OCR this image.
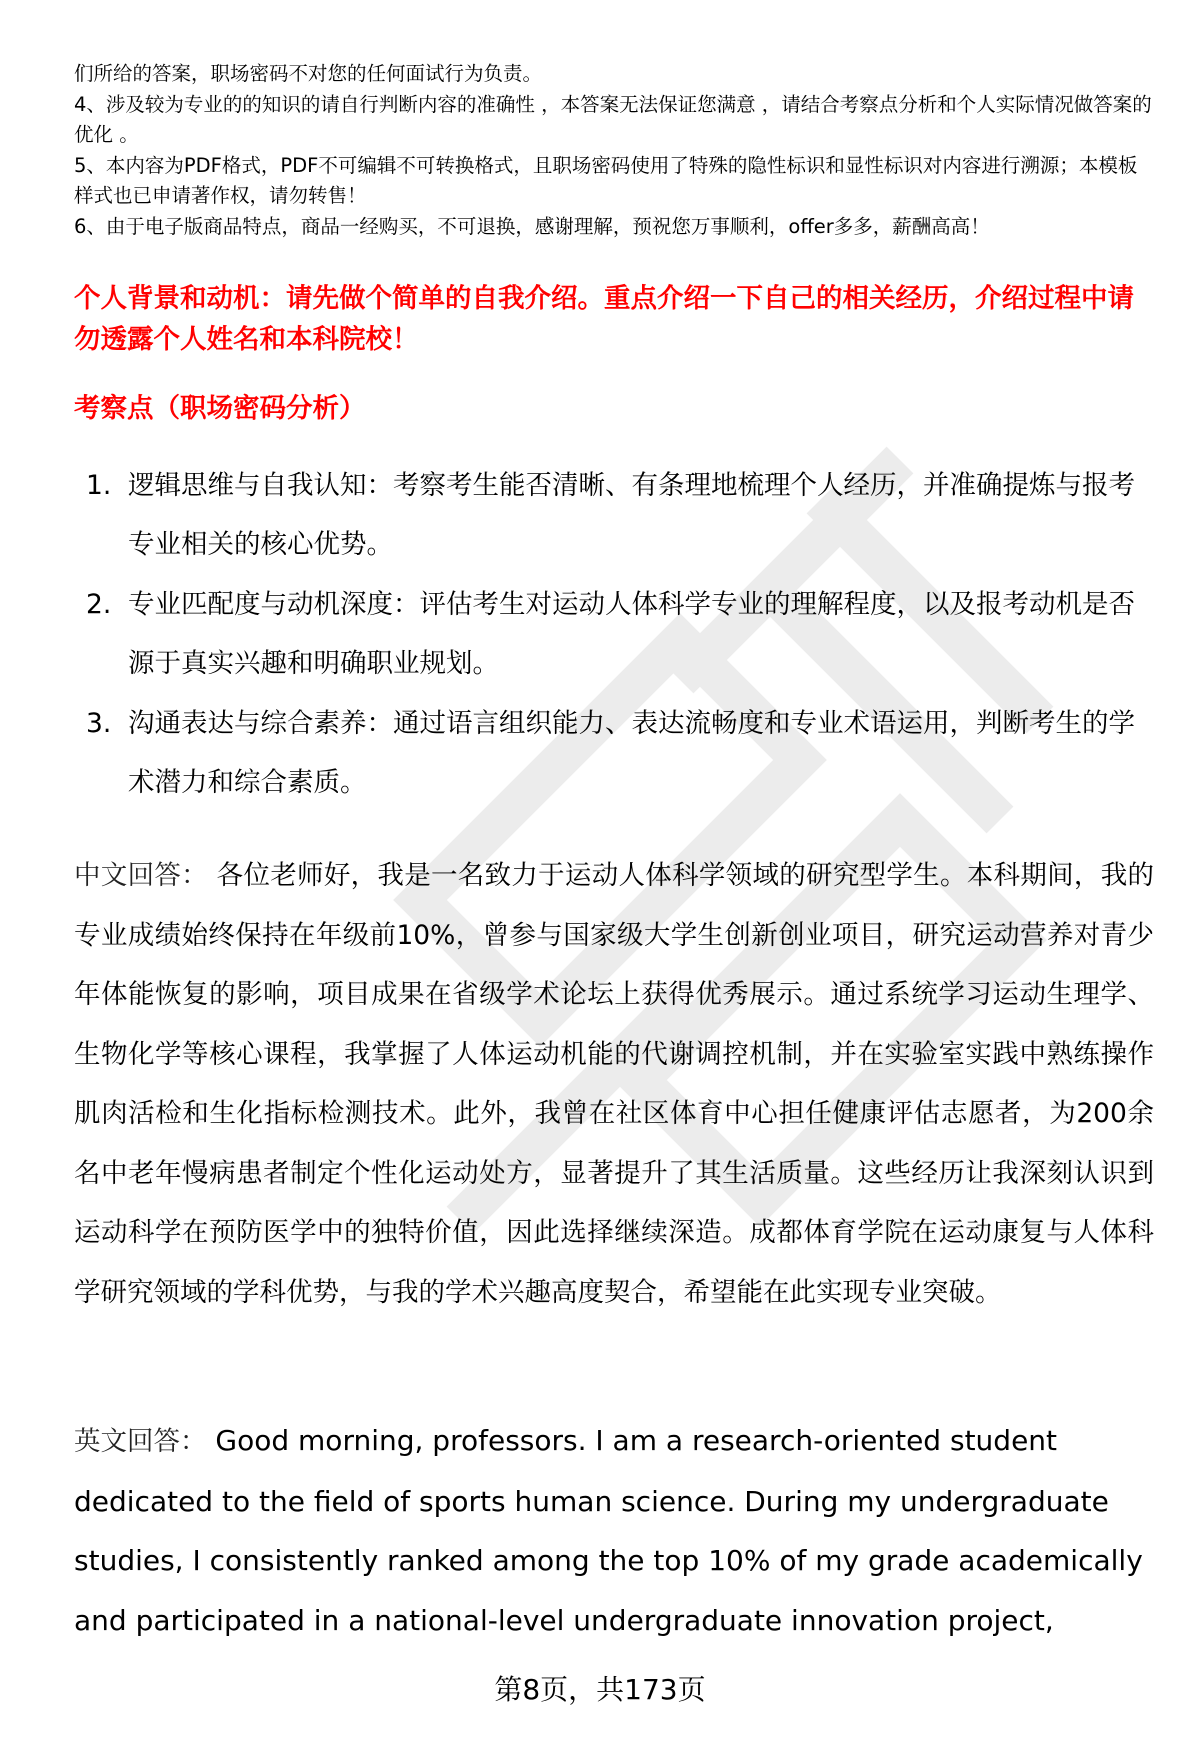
们所给的答案，职场密码不对您的任何面试行为负责。

4、涉及较为专业的的知识的请自行判断内容的准确性 ，本答案无法保证您满意 ，请结合考察点分析和个人实际情况做答案的优化 。

5、本内容为PDF格式，PDF不可编辑不可转换格式，且职场密码使用了特殊的隐性标识和显性标识对内容进行溯源；本模板样式也已申请著作权，请勿转售！

6、由于电子版商品特点，商品一经购买，不可退换，感谢理解，预祝您万事顺利，offer多多，薪酬高高！

个人背景和动机：请先做个简单的自我介绍。重点介绍一下自己的相关经历，介绍过程中请勿透露个人姓名和本科院校！
考察点（职场密码分析）
1. 逻辑思维与自我认知：考察考生能否清晰、有条理地梳理个人经历，并准确提炼与报考专业相关的核心优势。
2. 专业匹配度与动机深度：评估考生对运动人体科学专业的理解程度，以及报考动机是否源于真实兴趣和明确职业规划。
3. 沟通表达与综合素养：通过语言组织能力、表达流畅度和专业术语运用，判断考生的学术潜力和综合素质。

中文回答： 各位老师好，我是一名致力于运动人体科学领域的研究型学生。本科期间，我的专业成绩始终保持在年级前10%，曾参与国家级大学生创新创业项目，研究运动营养对青少年体能恢复的影响，项目成果在省级学术论坛上获得优秀展示。通过系统学习运动生理学、生物化学等核心课程，我掌握了人体运动机能的代谢调控机制，并在实验室实践中熟练操作肌肉活检和生化指标检测技术。此外，我曾在社区体育中心担任健康评估志愿者，为200余名中老年慢病患者制定个性化运动处方，显著提升了其生活质量。这些经历让我深刻认识到运动科学在预防医学中的独特价值，因此选择继续深造。成都体育学院在运动康复与人体科学研究领域的学科优势，与我的学术兴趣高度契合，希望能在此实现专业突破。

英文回答： Good morning, professors. I am a research-oriented student dedicated to the field of sports human science. During my undergraduate studies, I consistently ranked among the top 10% of my grade academically and participated in a national-level undergraduate innovation project,

第8页，共173页
